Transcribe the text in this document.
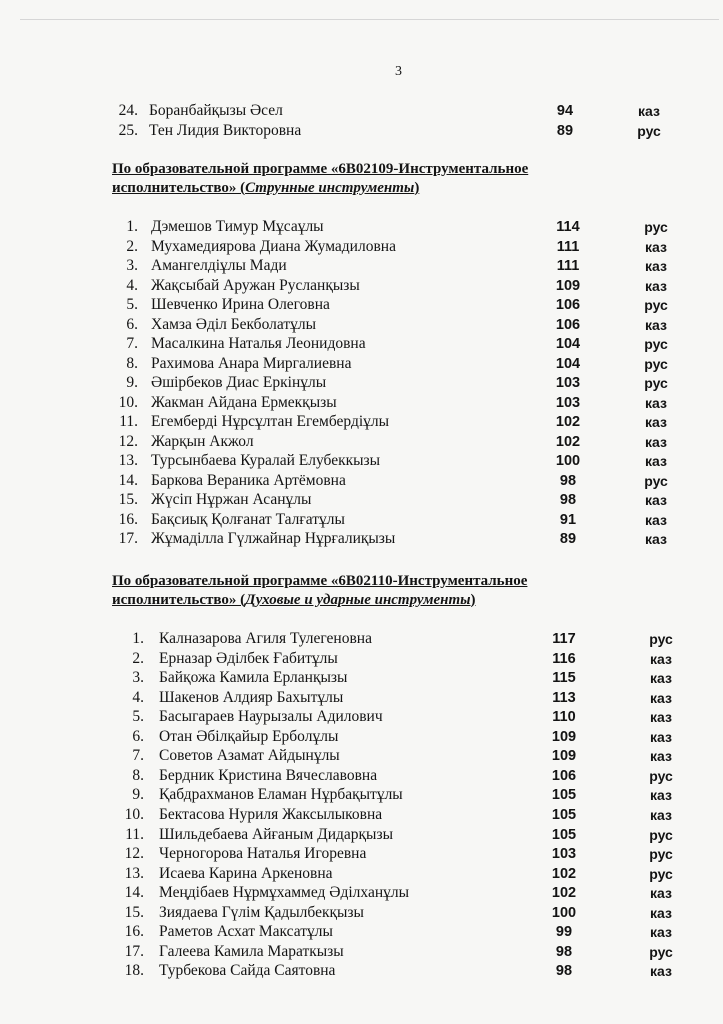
3
24. Боранбайқызы Әсел	94	каз
25. Тен Лидия Викторовна	89	рус
По образовательной программе «6В02109-Инструментальное
исполнительство» (Струнные инструменты)
1. Дэмешов Тимур Мұсаұлы	114	рус
2. Мухамедиярова Диана Жумадиловна	111	каз
3. Амангелдіұлы Мади	111	каз
4. Жақсыбай Аружан Русланқызы	109	каз
5. Шевченко Ирина Олеговна	106	рус
6. Хамза Әділ Бекболатұлы	106	каз
7. Масалкина Наталья Леонидовна	104	рус
8. Рахимова Анара Миргалиевна	104	рус
9. Әшірбеков Диас Еркінұлы	103	рус
10. Жакман Айдана Ермекқызы	103	каз
11. Егемберді Нұрсұлтан Егембердіұлы	102	каз
12. Жарқын Акжол	102	каз
13. Турсынбаева Куралай Елубеккызы	100	каз
14. Баркова Вераника Артёмовна	98	рус
15. Жүсіп Нұржан Асанұлы	98	каз
16. Бақсиық Қолғанат Талғатұлы	91	каз
17. Жұмаділла Гүлжайнар Нұрғалиқызы	89	каз
По образовательной программе «6В02110-Инструментальное
исполнительство» (Духовые и ударные инструменты)
1. Калназарова Агиля Тулегеновна	117	рус
2. Ерназар Әділбек Ғабитұлы	116	каз
3. Байқожа Камила Ерланқызы	115	каз
4. Шакенов Алдияр Бахытұлы	113	каз
5. Басыгараев Наурызалы Адилович	110	каз
6. Отан Әбілқайыр Ерболұлы	109	каз
7. Советов Азамат Айдынұлы	109	каз
8. Бердник Кристина Вячеславовна	106	рус
9. Қабдрахманов Еламан Нұрбақытұлы	105	каз
10. Бектасова Нуриля Жаксылыковна	105	каз
11. Шильдебаева Айғаным Дидарқызы	105	рус
12. Черногорова Наталья Игоревна	103	рус
13. Исаева Карина Аркеновна	102	рус
14. Меңдібаев Нұрмұхаммед Әділханұлы	102	каз
15. Зиядаева Гүлім Қадылбекқызы	100	каз
16. Раметов Асхат Максатұлы	99	каз
17. Галеева Камила Мараткызы	98	рус
18. Турбекова Сайда Саятовна	98	каз
